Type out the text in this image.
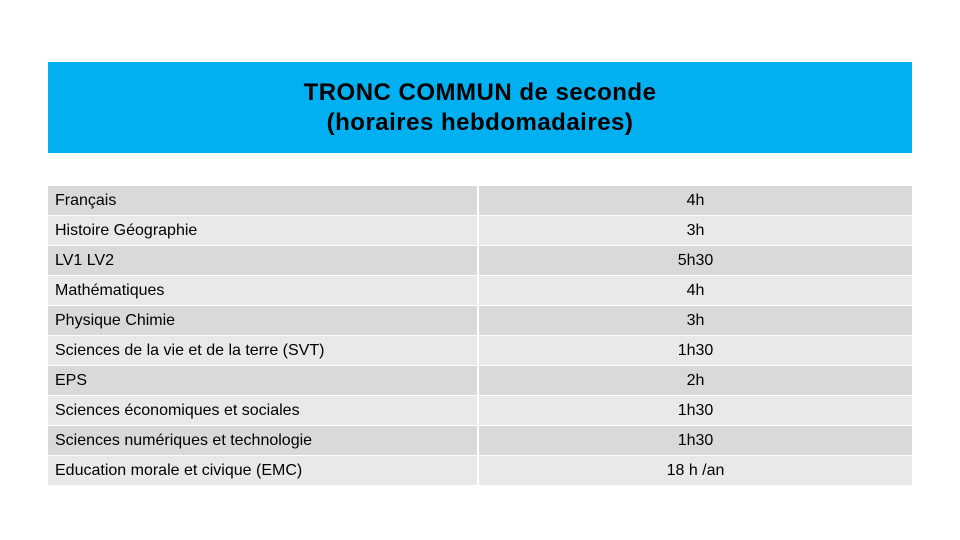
TRONC COMMUN de seconde
(horaires hebdomadaires)
Français	4h
Histoire Géographie	3h
LV1 LV2	5h30
Mathématiques	4h
Physique Chimie	3h
Sciences de la vie et de la terre (SVT)	1h30
EPS	2h
Sciences économiques et sociales	1h30
Sciences numériques et technologie	1h30
Education morale et civique (EMC)	18 h /an
